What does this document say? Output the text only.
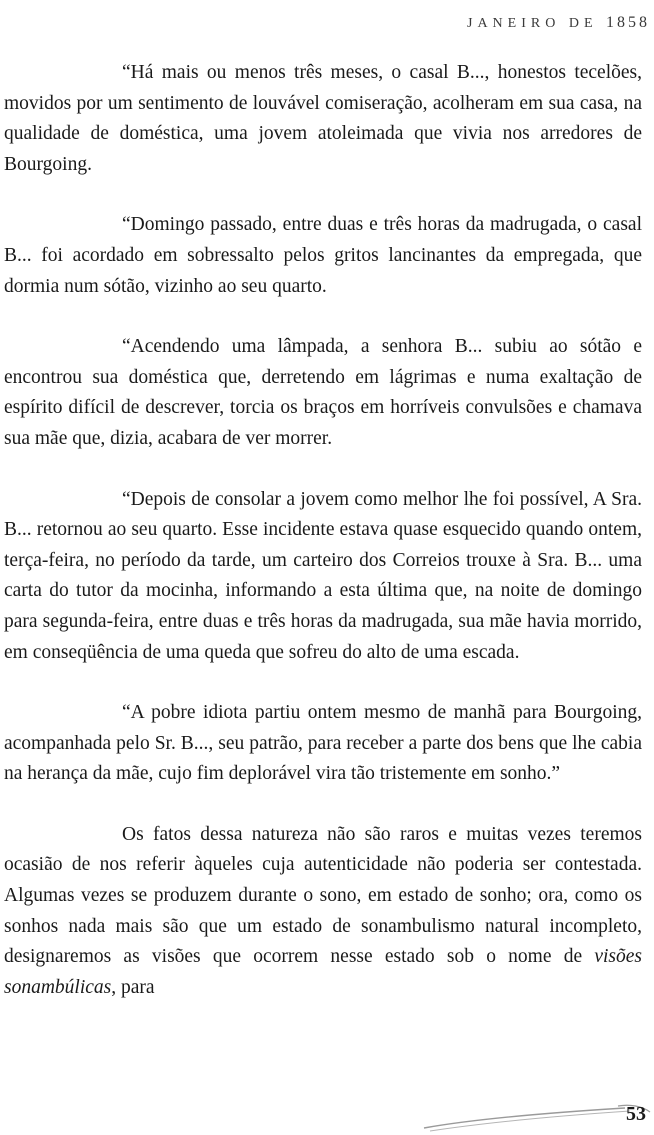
JANEIRO DE 1858

“Há mais ou menos três meses, o casal B..., honestos tecelões, movidos por um sentimento de louvável comiseração, acolheram em sua casa, na qualidade de doméstica, uma jovem atoleimada que vivia nos arredores de Bourgoing.

“Domingo passado, entre duas e três horas da madrugada, o casal B... foi acordado em sobressalto pelos gritos lancinantes da empregada, que dormia num sótão, vizinho ao seu quarto.

“Acendendo uma lâmpada, a senhora B... subiu ao sótão e encontrou sua doméstica que, derretendo em lágrimas e numa exaltação de espírito difícil de descrever, torcia os braços em horríveis convulsões e chamava sua mãe que, dizia, acabara de ver morrer.

“Depois de consolar a jovem como melhor lhe foi possível, A Sra. B... retornou ao seu quarto. Esse incidente estava quase esquecido quando ontem, terça-feira, no período da tarde, um carteiro dos Correios trouxe à Sra. B... uma carta do tutor da mocinha, informando a esta última que, na noite de domingo para segunda-feira, entre duas e três horas da madrugada, sua mãe havia morrido, em conseqüência de uma queda que sofreu do alto de uma escada.

“A pobre idiota partiu ontem mesmo de manhã para Bourgoing, acompanhada pelo Sr. B..., seu patrão, para receber a parte dos bens que lhe cabia na herança da mãe, cujo fim deplorável vira tão tristemente em sonho.”

Os fatos dessa natureza não são raros e muitas vezes teremos ocasião de nos referir àqueles cuja autenticidade não poderia ser contestada. Algumas vezes se produzem durante o sono, em estado de sonho; ora, como os sonhos nada mais são que um estado de sonambulismo natural incompleto, designaremos as visões que ocorrem nesse estado sob o nome de visões sonambúlicas, para

53
